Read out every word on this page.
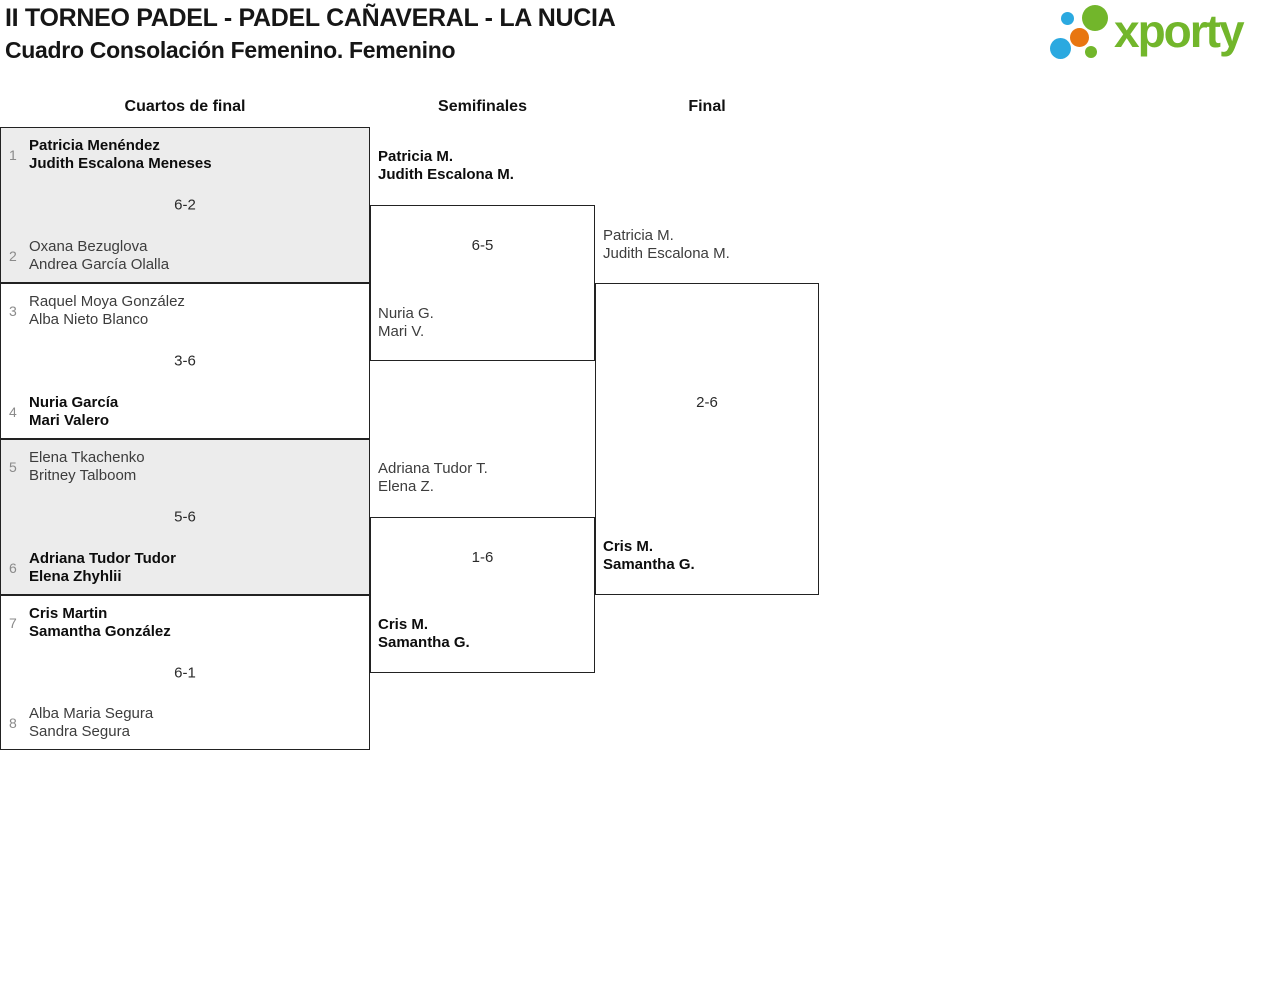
II TORNEO PADEL - PADEL CAÑAVERAL - LA NUCIA
Cuadro Consolación Femenino. Femenino	xporty
Cuartos de final	Semifinales	Final
1
Patricia Menéndez
Judith Escalona Meneses
6-2
2
Oxana Bezuglova
Andrea García Olalla
3
Raquel Moya González
Alba Nieto Blanco
3-6
4
Nuria García
Mari Valero
5
Elena Tkachenko
Britney Talboom
5-6
6
Adriana Tudor Tudor
Elena Zhyhlii
7
Cris Martin
Samantha González
6-1
8
Alba Maria Segura
Sandra Segura
6-5
Patricia M.
Judith Escalona M.
Nuria G.
Mari V.
1-6
Adriana Tudor T.
Elena Z.
Cris M.
Samantha G.
2-6
Patricia M.
Judith Escalona M.
Cris M.
Samantha G.
